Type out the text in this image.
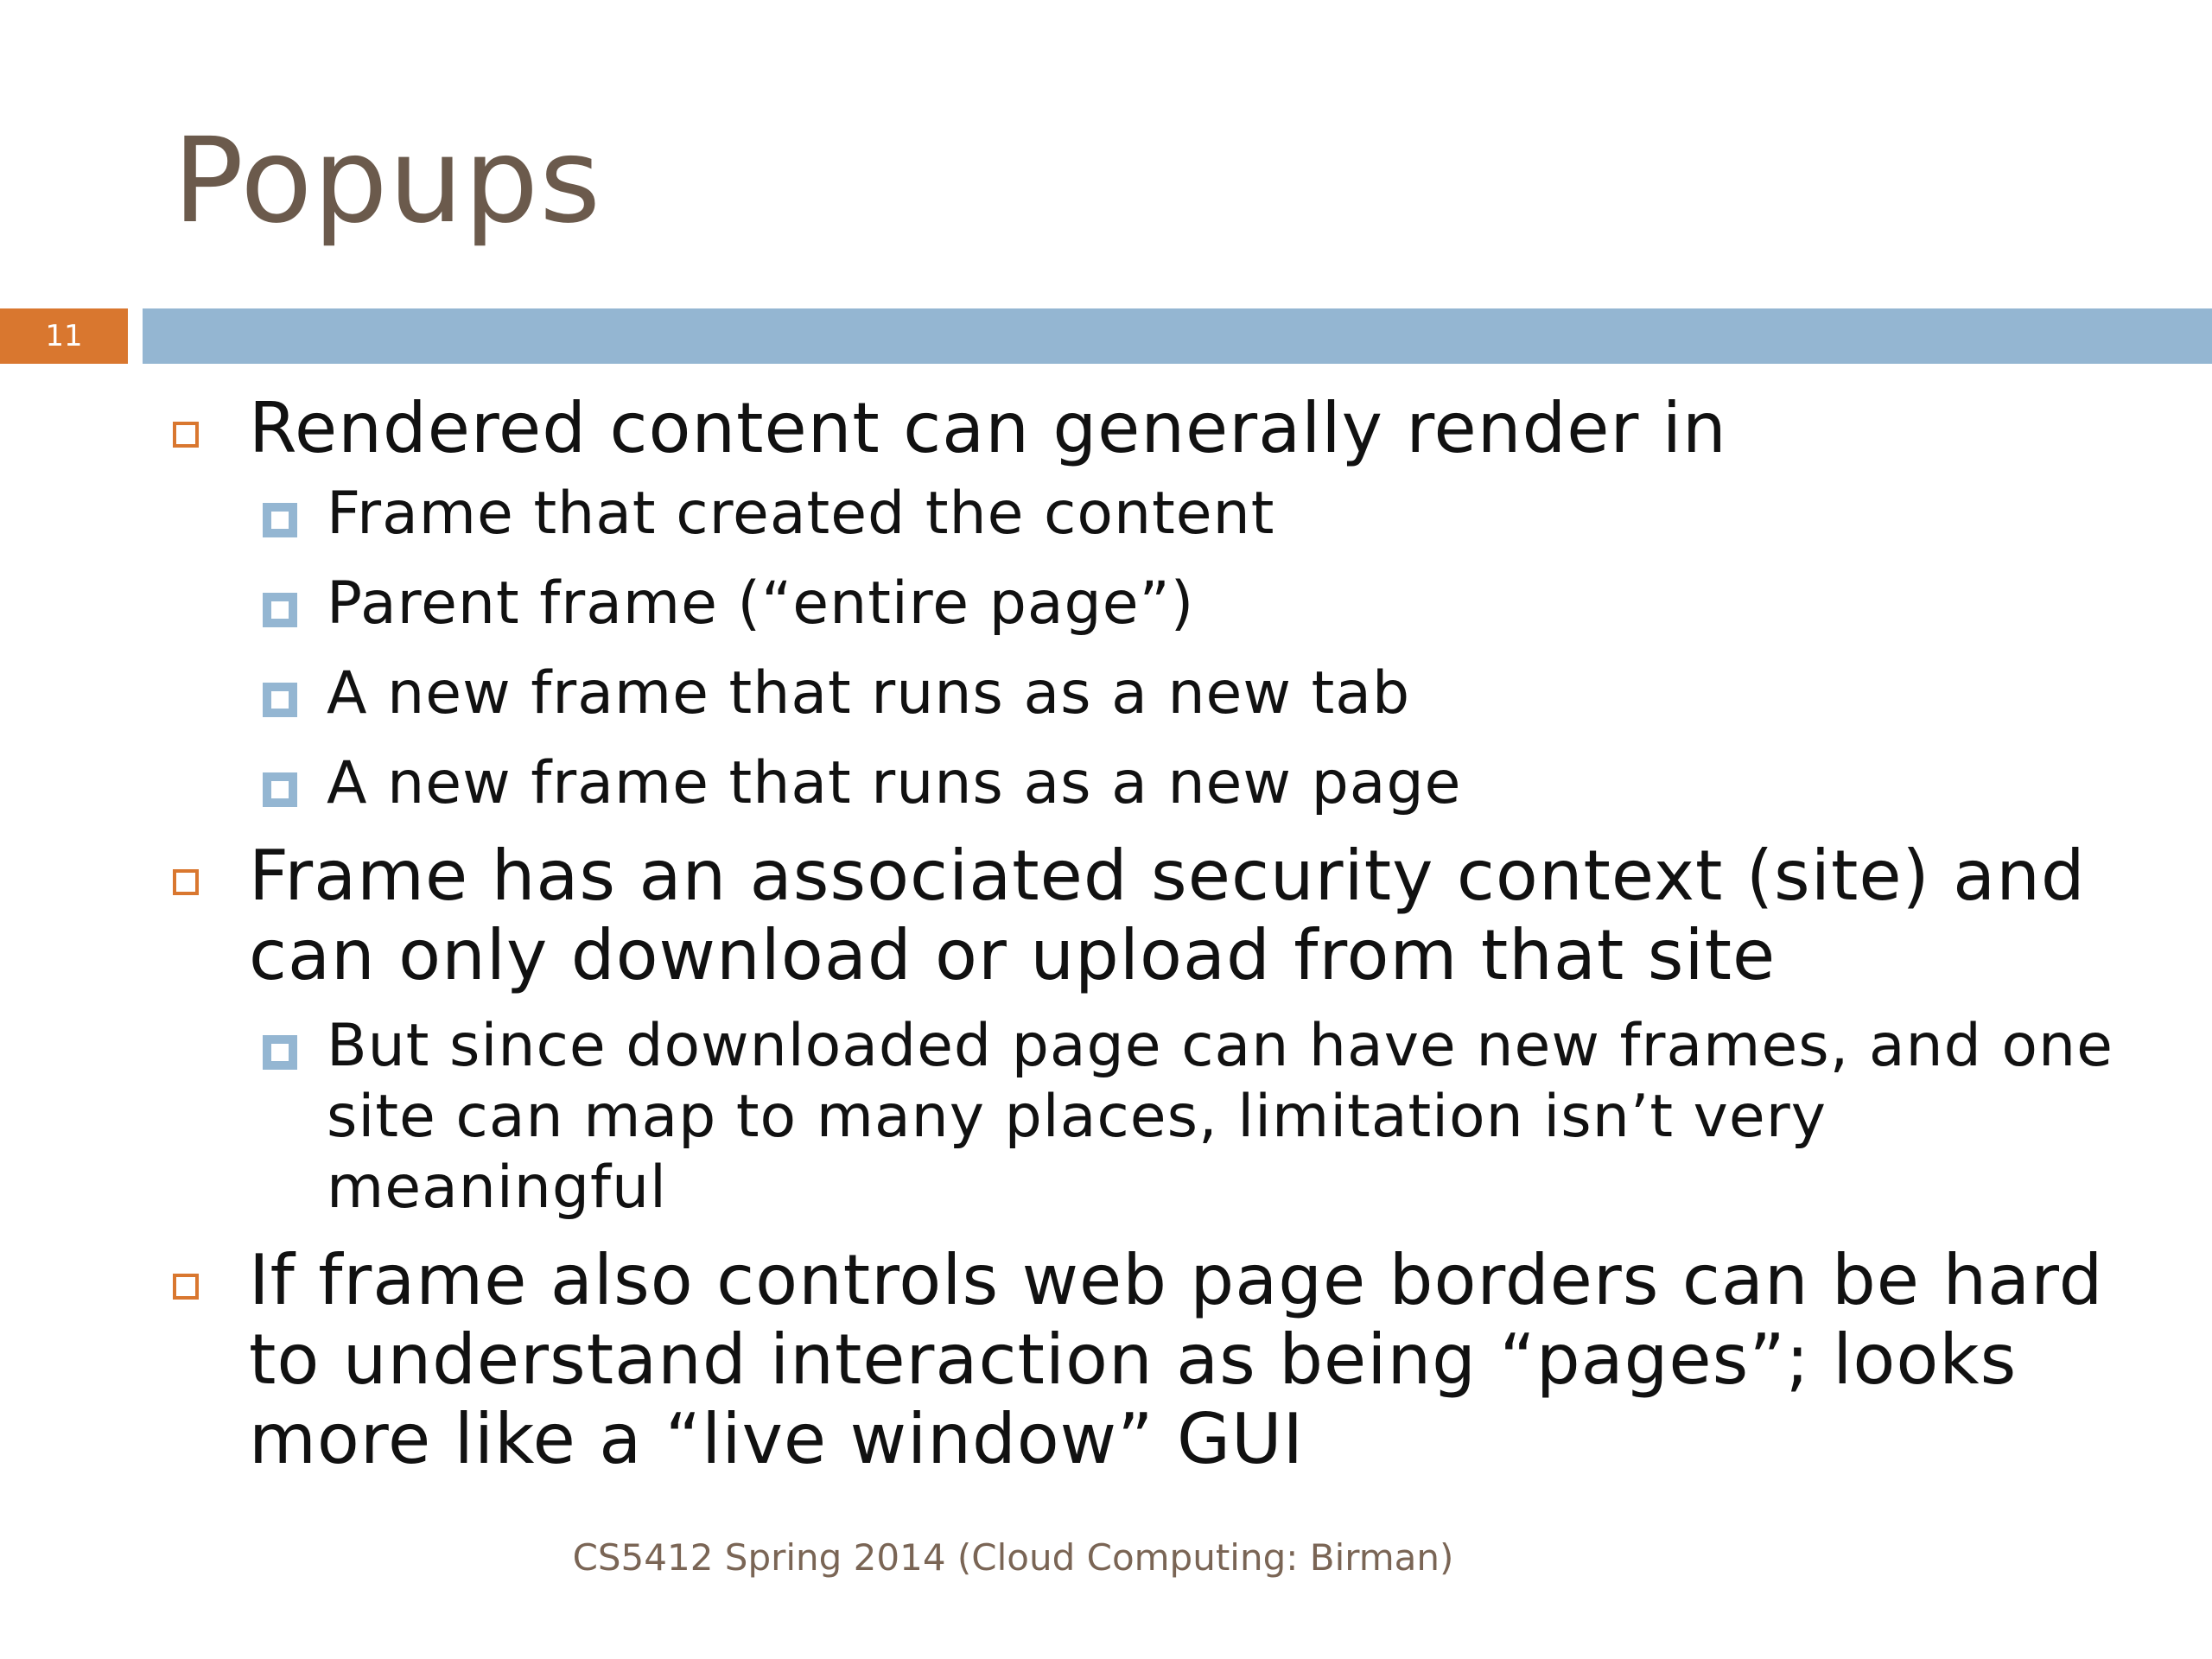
Popups
11
Rendered content can generally render in
Frame that created the content
Parent frame (“entire page”)
A new frame that runs as a new tab
A new frame that runs as a new page
Frame has an associated security context (site) and can only download or upload from that site
But since downloaded page can have new frames, and one site can map to many places, limitation isn’t very meaningful
If frame also controls web page borders can be hard to understand interaction as being “pages”; looks more like a “live window” GUI
CS5412 Spring 2014 (Cloud Computing: Birman)
